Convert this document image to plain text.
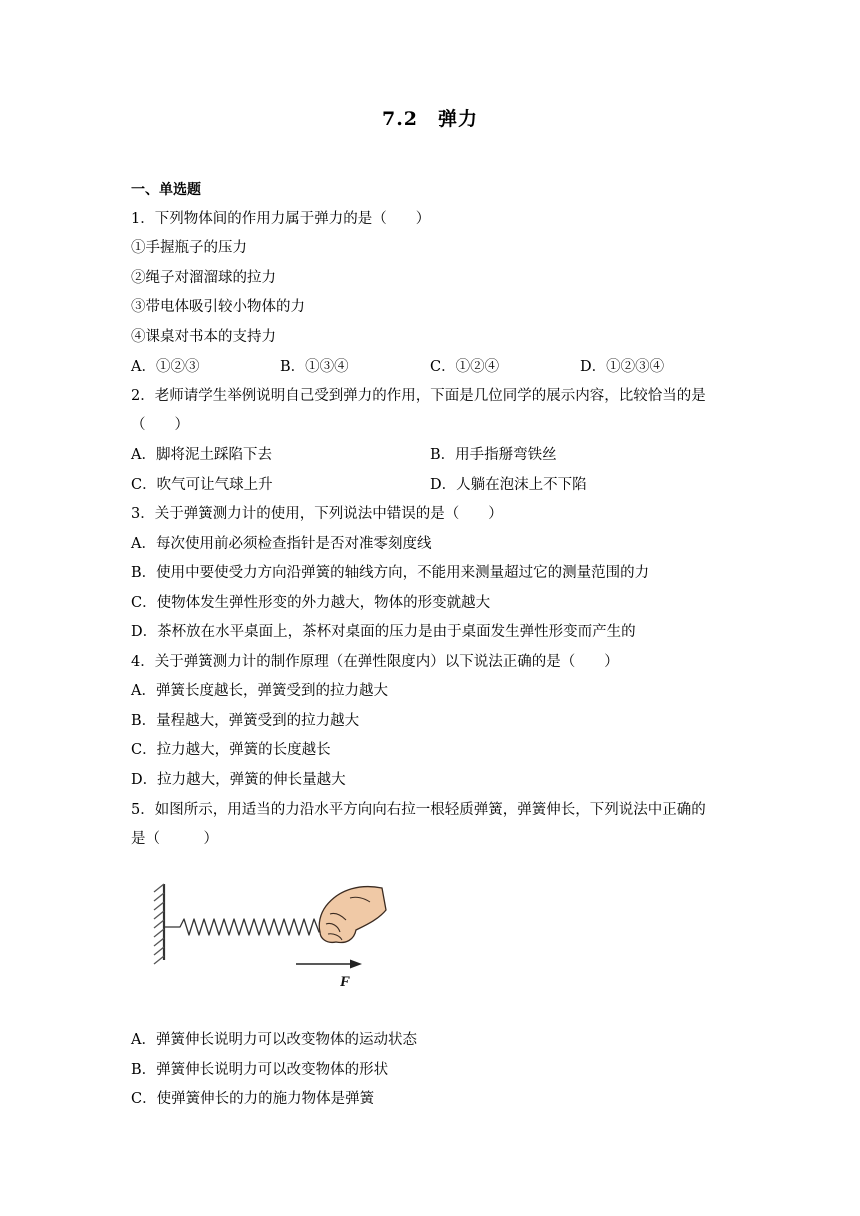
7.2　弹力
一、单选题
1．下列物体间的作用力属于弹力的是（　　）
①手握瓶子的压力
②绳子对溜溜球的拉力
③带电体吸引较小物体的力
④课桌对书本的支持力
A．①②③	B．①③④	C．①②④	D．①②③④
2．老师请学生举例说明自己受到弹力的作用，下面是几位同学的展示内容，比较恰当的是
（　　）
A．脚将泥土踩陷下去	B．用手指掰弯铁丝
C．吹气可让气球上升	D．人躺在泡沫上不下陷
3．关于弹簧测力计的使用，下列说法中错误的是（　　）
A．每次使用前必须检查指针是否对准零刻度线
B．使用中要使受力方向沿弹簧的轴线方向，不能用来测量超过它的测量范围的力
C．使物体发生弹性形变的外力越大，物体的形变就越大
D．茶杯放在水平桌面上，茶杯对桌面的压力是由于桌面发生弹性形变而产生的
4．关于弹簧测力计的制作原理（在弹性限度内）以下说法正确的是（　　）
A．弹簧长度越长，弹簧受到的拉力越大
B．量程越大，弹簧受到的拉力越大
C．拉力越大，弹簧的长度越长
D．拉力越大，弹簧的伸长量越大
5．如图所示，用适当的力沿水平方向向右拉一根轻质弹簧，弹簧伸长，下列说法中正确的
是（　　　）
F
A．弹簧伸长说明力可以改变物体的运动状态
B．弹簧伸长说明力可以改变物体的形状
C．使弹簧伸长的力的施力物体是弹簧
